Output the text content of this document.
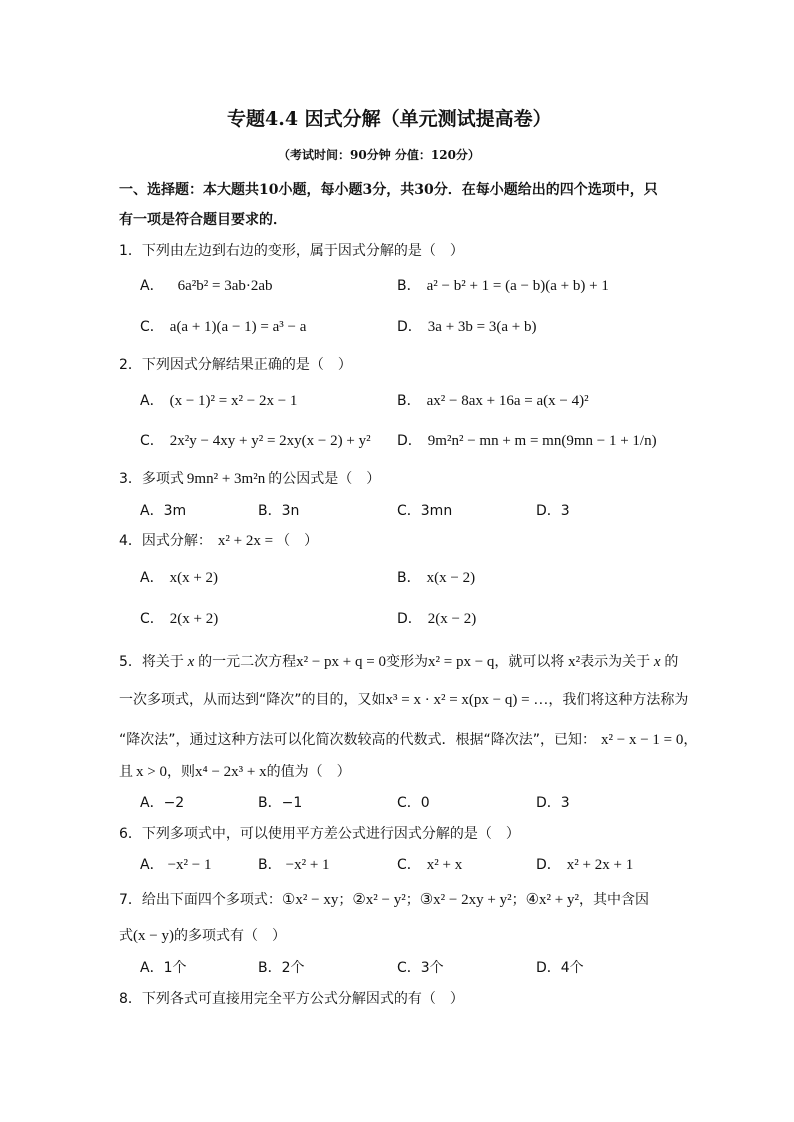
专题4.4 因式分解（单元测试提高卷）
（考试时间：90分钟 分值：120分）
一、选择题：本大题共10小题，每小题3分，共30分．在每小题给出的四个选项中，只
有一项是符合题目要求的．
1．下列由左边到右边的变形，属于因式分解的是（　）
A． 6a²b² = 3ab·2ab	B． a² − b² + 1 = (a − b)(a + b) + 1
C． a(a + 1)(a − 1) = a³ − a	D． 3a + 3b = 3(a + b)
2．下列因式分解结果正确的是（　）
A． (x − 1)² = x² − 2x − 1	B． ax² − 8ax + 16a = a(x − 4)²
C． 2x²y − 4xy + y² = 2xy(x − 2) + y² D． 9m²n² − mn + m = mn(9mn − 1 + 1/n)
3．多项式 9mn² + 3m²n 的公因式是（　）
A．3m	B．3n	C．3mn	D．3
4．因式分解： x² + 2x = （　）
A． x(x + 2)	B． x(x − 2)
C． 2(x + 2)	D． 2(x − 2)
5．将关于 x 的一元二次方程x² − px + q = 0变形为x² = px − q，就可以将 x²表示为关于 x 的
一次多项式，从而达到“降次”的目的，又如x³ = x · x² = x(px − q) = …，我们将这种方法称为
“降次法”，通过这种方法可以化简次数较高的代数式．根据“降次法”，已知： x² − x − 1 = 0，
且 x > 0，则x⁴ − 2x³ + x的值为（　）
A．−2	B．−1	C．0	D．3
6．下列多项式中，可以使用平方差公式进行因式分解的是（　）
A． −x² − 1	B． −x² + 1	C． x² + x	D． x² + 2x + 1
7．给出下面四个多项式：①x² − xy；②x² − y²；③x² − 2xy + y²；④x² + y²，其中含因
式(x − y)的多项式有（　）
A．1个	B．2个	C．3个	D．4个
8．下列各式可直接用完全平方公式分解因式的有（　）
